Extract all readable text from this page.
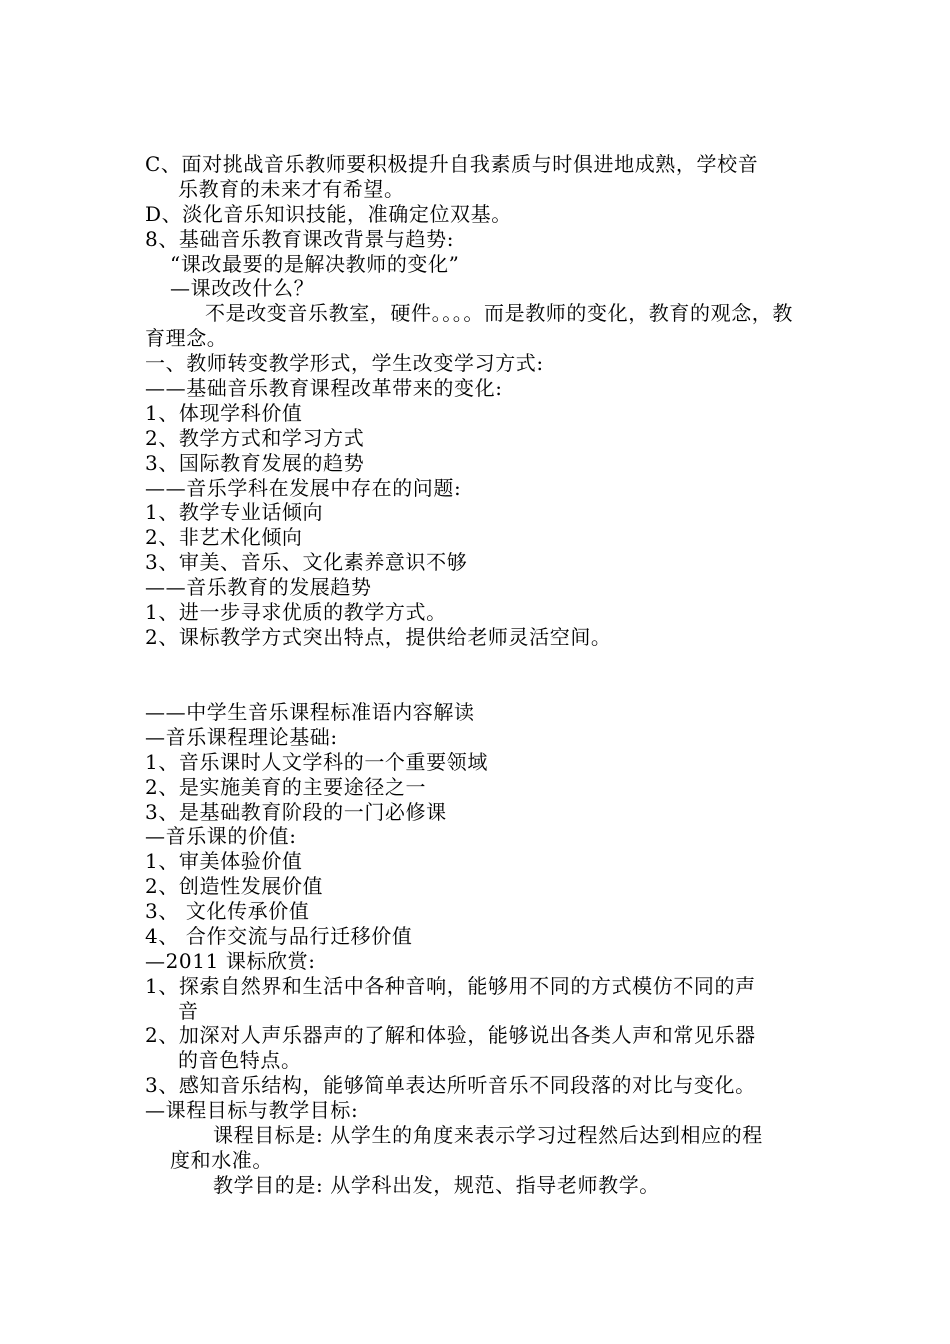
C、面对挑战音乐教师要积极提升自我素质与时俱进地成熟，学校音
乐教育的未来才有希望。
D、淡化音乐知识技能，准确定位双基。
8、基础音乐教育课改背景与趋势:
“课改最要的是解决教师的变化”
—课改改什么？
不是改变音乐教室，硬件。。。。而是教师的变化，教育的观念，教
育理念。
一、教师转变教学形式，学生改变学习方式:
——基础音乐教育课程改革带来的变化:
1、体现学科价值
2、教学方式和学习方式
3、国际教育发展的趋势
——音乐学科在发展中存在的问题:
1、教学专业话倾向
2、非艺术化倾向
3、审美、音乐、文化素养意识不够
——音乐教育的发展趋势
1、进一步寻求优质的教学方式。
2、课标教学方式突出特点，提供给老师灵活空间。
——中学生音乐课程标准语内容解读
—音乐课程理论基础:
1、音乐课时人文学科的一个重要领域
2、是实施美育的主要途径之一
3、是基础教育阶段的一门必修课
—音乐课的价值:
1、审美体验价值
2、创造性发展价值
3、 文化传承价值
4、 合作交流与品行迁移价值
—2011 课标欣赏:
1、探索自然界和生活中各种音响，能够用不同的方式模仿不同的声
音
2、加深对人声乐器声的了解和体验，能够说出各类人声和常见乐器
的音色特点。
3、感知音乐结构，能够简单表达所听音乐不同段落的对比与变化。
—课程目标与教学目标:
课程目标是: 从学生的角度来表示学习过程然后达到相应的程
度和水准。
教学目的是: 从学科出发，规范、指导老师教学。
